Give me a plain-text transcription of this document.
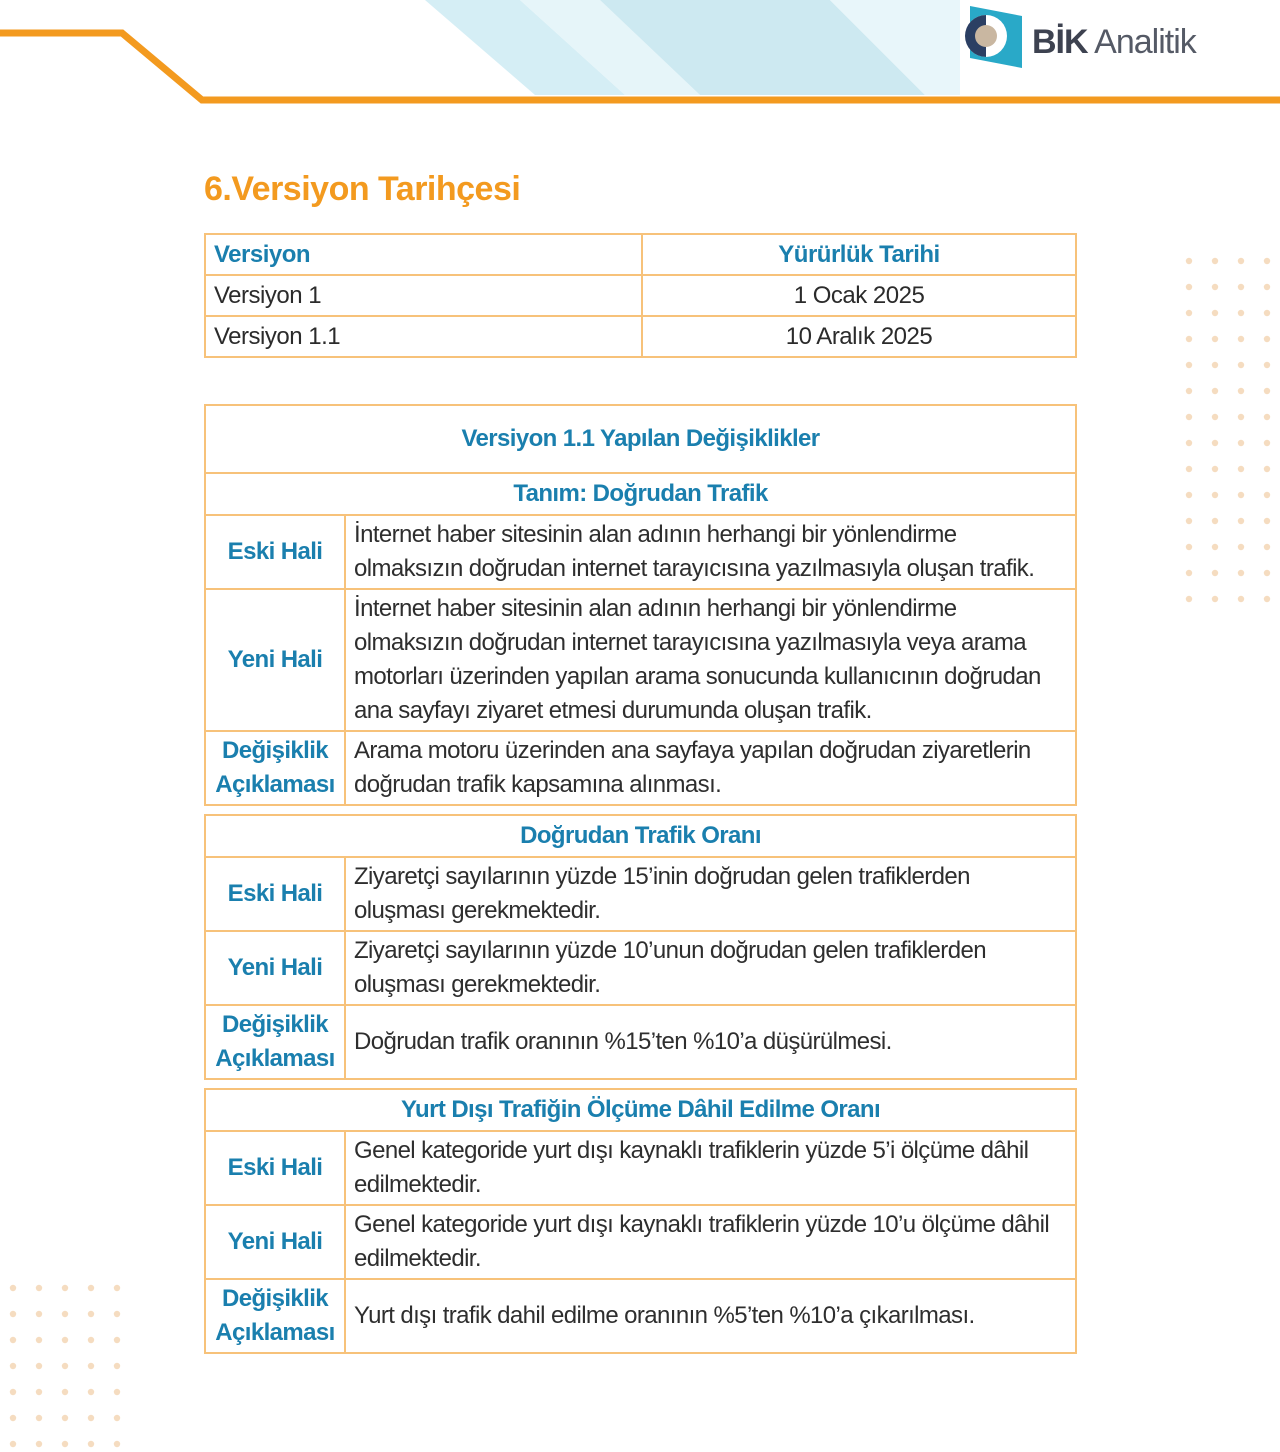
BİK Analitik
6.Versiyon Tarihçesi
Versiyon	Yürürlük Tarihi
Versiyon 1	1 Ocak 2025
Versiyon 1.1	10 Aralık 2025
Versiyon 1.1 Yapılan Değişiklikler	
Tanım: Doğrudan Trafik	
Eski Hali	İnternet haber sitesinin alan adının herhangi bir yönlendirme olmaksızın doğrudan internet tarayıcısına yazılmasıyla oluşan trafik.
Yeni Hali	İnternet haber sitesinin alan adının herhangi bir yönlendirme olmaksızın doğrudan internet tarayıcısına yazılmasıyla veya arama motorları üzerinden yapılan arama sonucunda kullanıcının doğrudan ana sayfayı ziyaret etmesi durumunda oluşan trafik.
Değişiklik
Açıklaması	Arama motoru üzerinden ana sayfaya yapılan doğrudan ziyaretlerin doğrudan trafik kapsamına alınması.

Doğrudan Trafik Oranı	
Eski Hali	Ziyaretçi sayılarının yüzde 15’inin doğrudan gelen trafiklerden oluşması gerekmektedir.
Yeni Hali	Ziyaretçi sayılarının yüzde 10’unun doğrudan gelen trafiklerden oluşması gerekmektedir.
Değişiklik
Açıklaması	Doğrudan trafik oranının %15’ten %10’a düşürülmesi.

Yurt Dışı Trafiğin Ölçüme Dâhil Edilme Oranı	
Eski Hali	Genel kategoride yurt dışı kaynaklı trafiklerin yüzde 5’i ölçüme dâhil edilmektedir.
Yeni Hali	Genel kategoride yurt dışı kaynaklı trafiklerin yüzde 10’u ölçüme dâhil edilmektedir.
Değişiklik
Açıklaması	Yurt dışı trafik dahil edilme oranının %5’ten %10’a çıkarılması.
